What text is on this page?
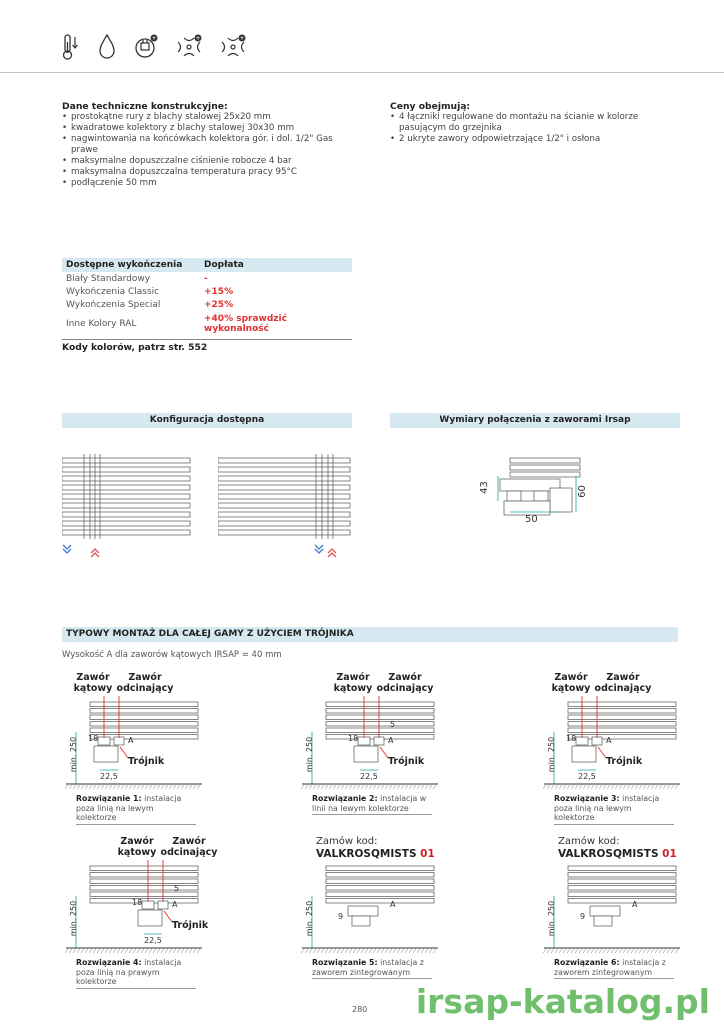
+	+	+
Dane techniczne konstrukcyjne:
• prostokątne rury z blachy stalowej 25x20 mm
• kwadratowe kolektory z blachy stalowej 30x30 mm
• nagwintowania na końcówkach kolektora gór. i dol. 1/2" Gas prawe
• maksymalne dopuszczalne ciśnienie robocze 4 bar
• maksymalna dopuszczalna temperatura pracy 95°C
• podłączenie 50 mm
Ceny obejmują:
• 4 łączniki regulowane do montażu na ścianie w kolorze pasującym do grzejnika
• 2 ukryte zawory odpowietrzające 1/2" i osłona
Dostępne wykończenia	Dopłata
Biały Standardowy	-
Wykończenia Classic	+15%
Wykończenia Special	+25%
Inne Kolory RAL	+40% sprawdzić wykonalność
Kody kolorów, patrz str. 552
Konfiguracja dostępna	Wymiary połączenia z zaworami Irsap
43	60
50
TYPOWY MONTAŻ DLA CAŁEJ GAMY Z UŻYCIEM TRÓJNIKA
Wysokość A dla zaworów kątowych IRSAP = 40 mm
Zawór kątowy
Zawór odcinający
Trójnik
18
22,5
A
min. 250
Rozwiązanie 1: instalacja poza linią na lewym kolektorze
Zawór kątowy
Zawór odcinający
Trójnik
18
22,5
A
5
min. 250
Rozwiązanie 2: instalacja w linii na lewym kolektorze
Zawór kątowy
Zawór odcinający
Trójnik
18
22,5
A
min. 250
Rozwiązanie 3: instalacja poza linią na lewym kolektorze
Zawór kątowy
Zawór odcinający
Trójnik
18
22,5
A
5
min. 250
Rozwiązanie 4: instalacja poza linią na prawym kolektorze
Zamów kod:
VALKROSQMISTS 01
A
9
min. 250
Rozwiązanie 5: instalacja z zaworem zintegrowanym
Zamów kod:
VALKROSQMISTS 01
A
9
min. 250
Rozwiązanie 6: instalacja z zaworem zintegrowanym
280 irsap-katalog.pl
